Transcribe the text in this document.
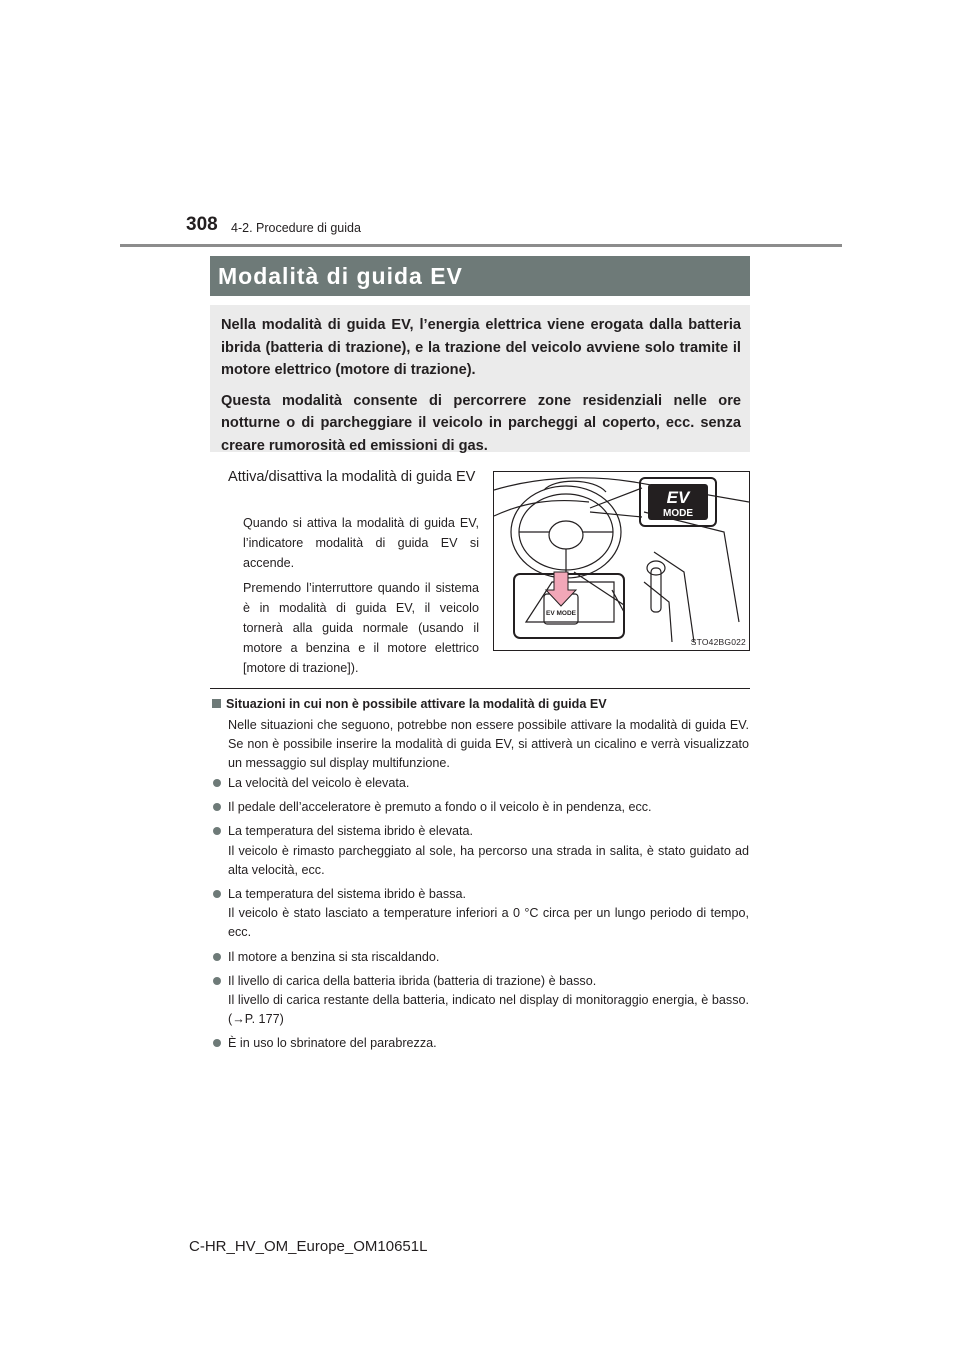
308 4-2. Procedure di guida
Modalità di guida EV

Nella modalità di guida EV, l’energia elettrica viene erogata dalla batteria ibrida (batteria di trazione), e la trazione del veicolo avviene solo tramite il motore elettrico (motore di trazione).

Questa modalità consente di percorrere zone residenziali nelle ore notturne o di parcheggiare il veicolo in parcheggi al coperto, ecc. senza creare rumorosità ed emissioni di gas.

Attiva/disattiva la modalità di guida EV

Quando si attiva la modalità di guida EV, l’indicatore modalità di guida EV si accende.

Premendo l’interruttore quando il sistema è in modalità di guida EV, il veicolo tornerà alla guida normale (usando il motore a benzina e il motore elettrico [motore di trazione]).

EV
MODE
EV MODE
STO42BG022
Situazioni in cui non è possibile attivare la modalità di guida EV
Nelle situazioni che seguono, potrebbe non essere possibile attivare la modalità di guida EV. Se non è possibile inserire la modalità di guida EV, si attiverà un cicalino e verrà visualizzato un messaggio sul display multifunzione.
La velocità del veicolo è elevata.
Il pedale dell’acceleratore è premuto a fondo o il veicolo è in pendenza, ecc.
La temperatura del sistema ibrido è elevata.
Il veicolo è rimasto parcheggiato al sole, ha percorso una strada in salita, è stato guidato ad alta velocità, ecc.
La temperatura del sistema ibrido è bassa.
Il veicolo è stato lasciato a temperature inferiori a 0 °C circa per un lungo periodo di tempo, ecc.
Il motore a benzina si sta riscaldando.
Il livello di carica della batteria ibrida (batteria di trazione) è basso.
Il livello di carica restante della batteria, indicato nel display di monitoraggio energia, è basso. (→P. 177)
È in uso lo sbrinatore del parabrezza.
C-HR_HV_OM_Europe_OM10651L
